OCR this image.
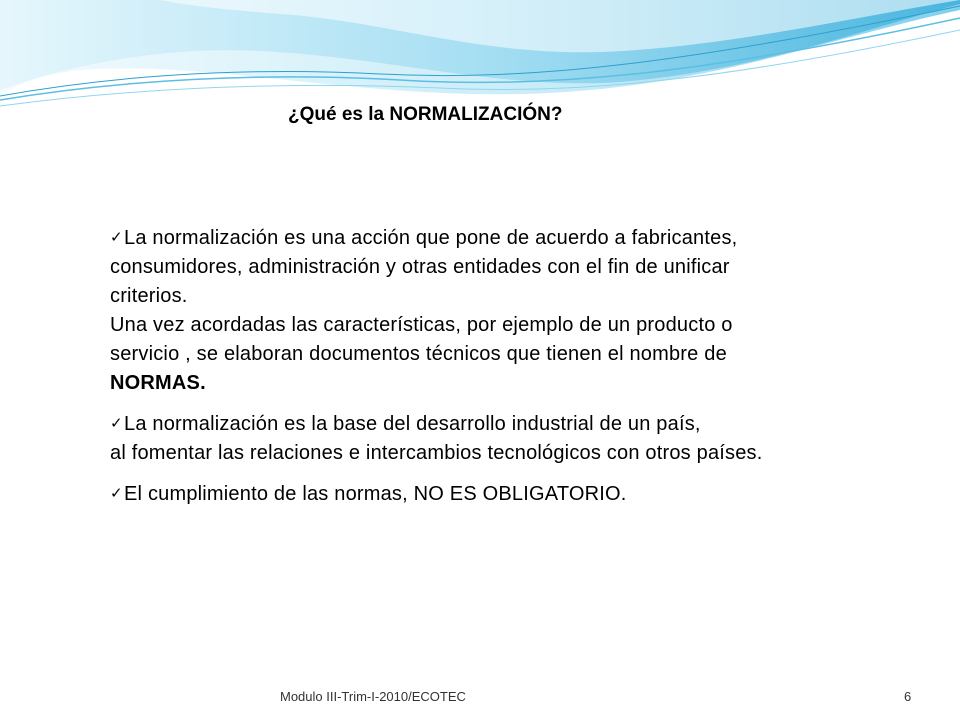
¿Qué es la NORMALIZACIÓN?
✓La normalización es una acción que pone de acuerdo a fabricantes,
consumidores, administración y otras entidades con el fin de unificar
criterios.
Una vez acordadas las características, por ejemplo de un producto o
servicio , se elaboran documentos técnicos que tienen el nombre de
NORMAS.
✓La normalización es la base del desarrollo industrial de un país,
al fomentar las relaciones e intercambios tecnológicos con otros países.
✓El cumplimiento de las normas, NO ES OBLIGATORIO.
Modulo III-Trim-I-2010/ECOTEC	6
